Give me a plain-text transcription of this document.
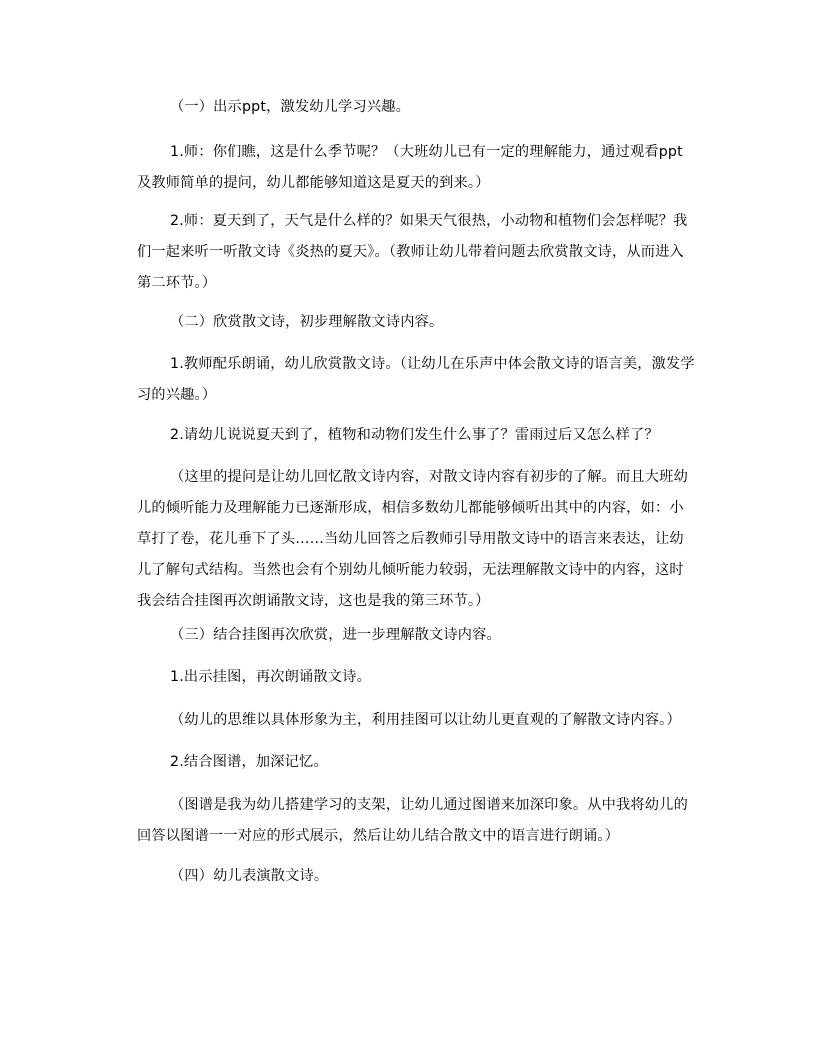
（一）出示ppt，激发幼儿学习兴趣。

1.师：你们瞧，这是什么季节呢？（大班幼儿已有一定的理解能力，通过观看ppt及教师简单的提问，幼儿都能够知道这是夏天的到来。）

2.师：夏天到了，天气是什么样的？如果天气很热，小动物和植物们会怎样呢？我们一起来听一听散文诗《炎热的夏天》。（教师让幼儿带着问题去欣赏散文诗，从而进入第二环节。）

（二）欣赏散文诗，初步理解散文诗内容。

1.教师配乐朗诵，幼儿欣赏散文诗。（让幼儿在乐声中体会散文诗的语言美，激发学习的兴趣。）

2.请幼儿说说夏天到了，植物和动物们发生什么事了？雷雨过后又怎么样了？

（这里的提问是让幼儿回忆散文诗内容，对散文诗内容有初步的了解。而且大班幼儿的倾听能力及理解能力已逐渐形成，相信多数幼儿都能够倾听出其中的内容，如：小草打了卷，花儿垂下了头……当幼儿回答之后教师引导用散文诗中的语言来表达，让幼儿了解句式结构。当然也会有个别幼儿倾听能力较弱，无法理解散文诗中的内容，这时我会结合挂图再次朗诵散文诗，这也是我的第三环节。）

（三）结合挂图再次欣赏，进一步理解散文诗内容。

1.出示挂图，再次朗诵散文诗。

（幼儿的思维以具体形象为主，利用挂图可以让幼儿更直观的了解散文诗内容。）

2.结合图谱，加深记忆。

（图谱是我为幼儿搭建学习的支架，让幼儿通过图谱来加深印象。从中我将幼儿的回答以图谱一一对应的形式展示，然后让幼儿结合散文中的语言进行朗诵。）

（四）幼儿表演散文诗。
